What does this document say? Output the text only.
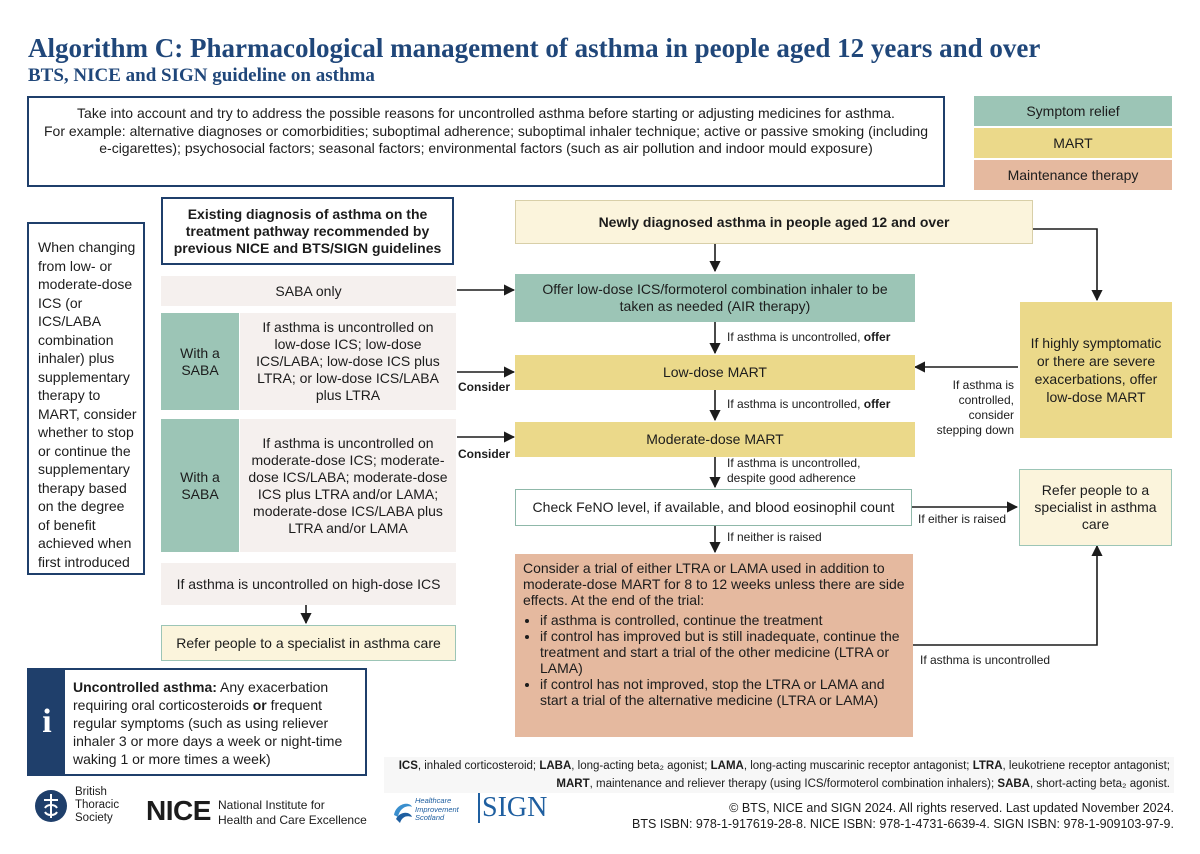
Algorithm C: Pharmacological management of asthma in people aged 12 years and over
BTS, NICE and SIGN guideline on asthma
Take into account and try to address the possible reasons for uncontrolled asthma before starting or adjusting medicines for asthma.
For example: alternative diagnoses or comorbidities; suboptimal adherence; suboptimal inhaler technique; active or passive smoking (including e-cigarettes); psychosocial factors; seasonal factors; environmental factors (such as air pollution and indoor mould exposure)
Symptom relief
MART
Maintenance therapy
When changing from low- or moderate-dose ICS (or ICS/LABA combination inhaler) plus supplementary therapy to MART, consider whether to stop or continue the supplementary therapy based on the degree of benefit achieved when first introduced
Existing diagnosis of asthma on the treatment pathway recommended by previous NICE and BTS/SIGN guidelines
SABA only
With a SABA
If asthma is uncontrolled on low-dose ICS; low-dose ICS/LABA; low-dose ICS plus LTRA; or low-dose ICS/LABA plus LTRA
With a SABA
If asthma is uncontrolled on moderate-dose ICS; moderate-dose ICS/LABA; moderate-dose ICS plus LTRA and/or LAMA; moderate-dose ICS/LABA plus LTRA and/or LAMA
If asthma is uncontrolled on high-dose ICS
Refer people to a specialist in asthma care
Consider
Consider
Newly diagnosed asthma in people aged 12 and over
Offer low-dose ICS/formoterol combination inhaler to be taken as needed (AIR therapy)
If asthma is uncontrolled, offer
Low-dose MART
If asthma is uncontrolled, offer
Moderate-dose MART
If asthma is uncontrolled, despite good adherence
Check FeNO level, if available, and blood eosinophil count
If neither is raised
If either is raised
Consider a trial of either LTRA or LAMA used in addition to moderate-dose MART for 8 to 12 weeks unless there are side effects. At the end of the trial:
• if asthma is controlled, continue the treatment
• if control has improved but is still inadequate, continue the treatment and start a trial of the other medicine (LTRA or LAMA)
• if control has not improved, stop the LTRA or LAMA and start a trial of the alternative medicine (LTRA or LAMA)
If asthma is uncontrolled
If highly symptomatic or there are severe exacerbations, offer low-dose MART
If asthma is controlled, consider stepping down
Refer people to a specialist in asthma care
i
Uncontrolled asthma: Any exacerbation requiring oral corticosteroids or frequent regular symptoms (such as using reliever inhaler 3 or more days a week or night-time waking 1 or more times a week)	ICS, inhaled corticosteroid; LABA, long-acting beta₂ agonist; LAMA, long-acting muscarinic receptor antagonist; LTRA, leukotriene receptor antagonist; MART, maintenance and reliever therapy (using ICS/formoterol combination inhalers); SABA, short-acting beta₂ agonist.
British
Thoracic
Society NICE National Institute for
Health and Care Excellence
Healthcare
Improvement
Scotland	SIGN	© BTS, NICE and SIGN 2024. All rights reserved. Last updated November 2024.
BTS ISBN: 978-1-917619-28-8. NICE ISBN: 978-1-4731-6639-4. SIGN ISBN: 978-1-909103-97-9.
